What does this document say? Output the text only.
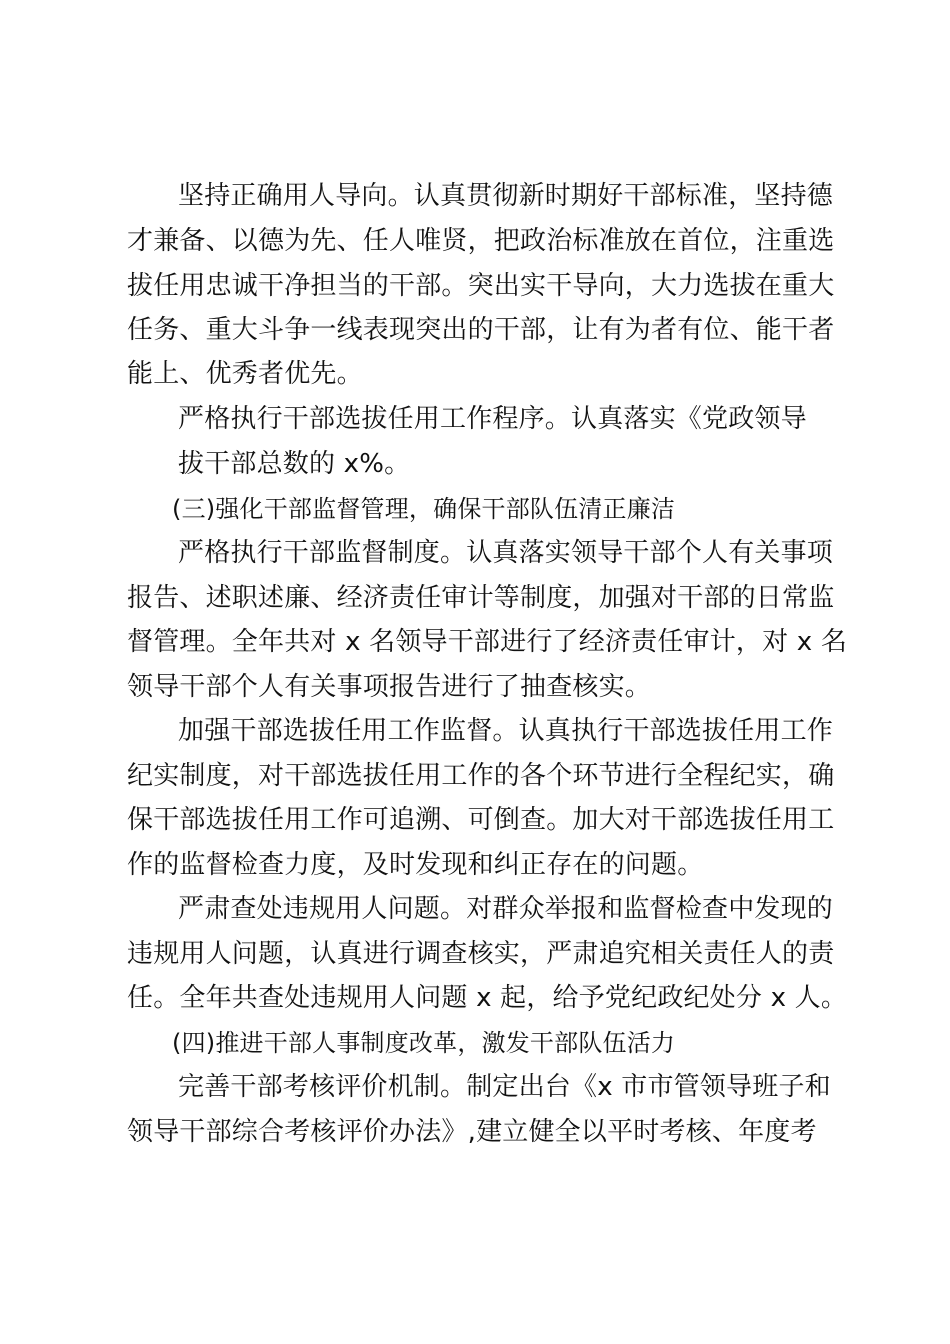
坚持正确用人导向。认真贯彻新时期好干部标准，坚持德
才兼备、以德为先、任人唯贤，把政治标准放在首位，注重选
拔任用忠诚干净担当的干部。突出实干导向，大力选拔在重大
任务、重大斗争一线表现突出的干部，让有为者有位、能干者
能上、优秀者优先。
严格执行干部选拔任用工作程序。认真落实《党政领导
拔干部总数的 x%。
(三)强化干部监督管理，确保干部队伍清正廉洁
严格执行干部监督制度。认真落实领导干部个人有关事项
报告、述职述廉、经济责任审计等制度，加强对干部的日常监
督管理。全年共对 x 名领导干部进行了经济责任审计，对 x 名
领导干部个人有关事项报告进行了抽查核实。
加强干部选拔任用工作监督。认真执行干部选拔任用工作
纪实制度，对干部选拔任用工作的各个环节进行全程纪实，确
保干部选拔任用工作可追溯、可倒查。加大对干部选拔任用工
作的监督检查力度，及时发现和纠正存在的问题。
严肃查处违规用人问题。对群众举报和监督检查中发现的
违规用人问题，认真进行调查核实，严肃追究相关责任人的责
任。全年共查处违规用人问题 x 起，给予党纪政纪处分 x 人。
(四)推进干部人事制度改革，激发干部队伍活力
完善干部考核评价机制。制定出台《x 市市管领导班子和
领导干部综合考核评价办法》,建立健全以平时考核、年度考
